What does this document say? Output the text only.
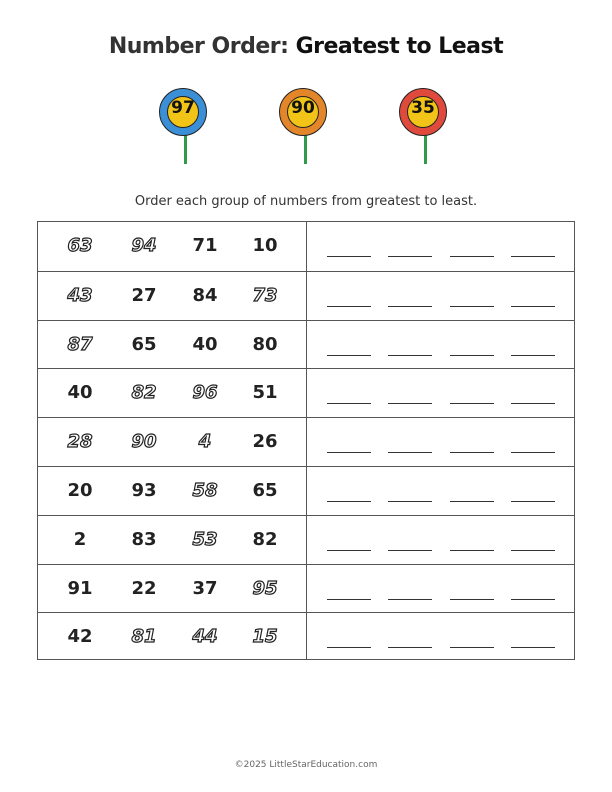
Number Order: Greatest to Least
97	90	35
Order each group of numbers from greatest to least.
63	94	71	10
43	27	84	73
87	65	40	80
40	82	96	51
28	90	4	26
20	93	58	65
2	83	53	82
91	22	37	95
42	81	44	15
©2025 LittleStarEducation.com
